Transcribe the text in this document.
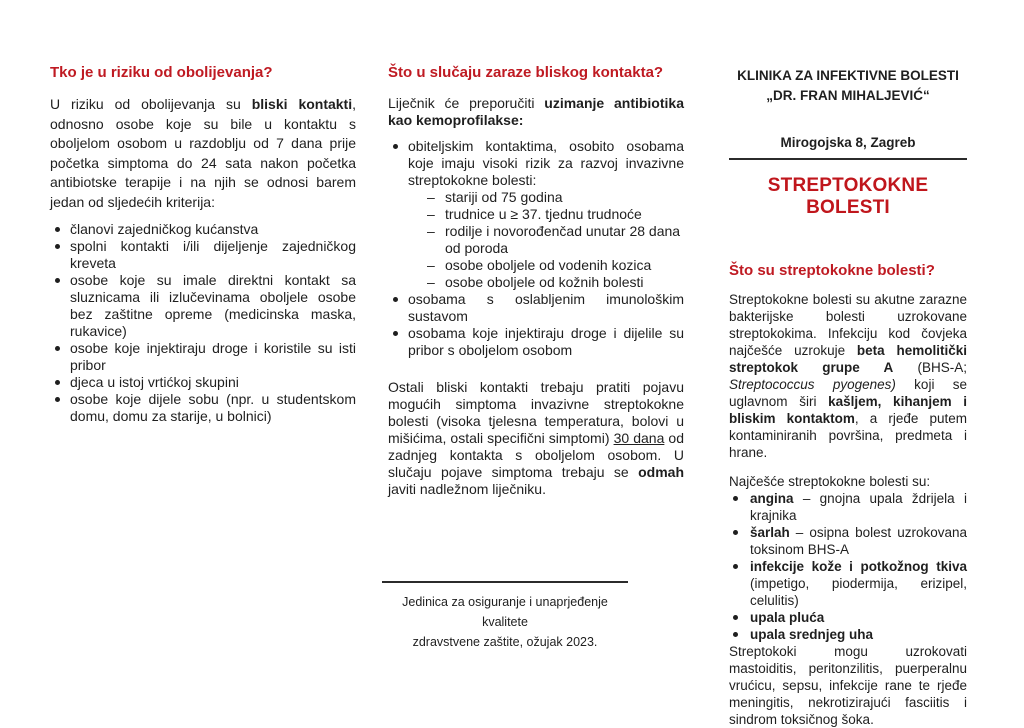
Tko je u riziku od obolijevanja?

U riziku od obolijevanja su bliski kontakti, odnosno osobe koje su bile u kontaktu s oboljelom osobom u razdoblju od 7 dana prije početka simptoma do 24 sata nakon početka antibiotske terapije i na njih se odnosi barem jedan od sljedećih kriterija:

članovi zajedničkog kućanstva
spolni kontakti i/ili dijeljenje zajedničkog kreveta
osobe koje su imale direktni kontakt sa sluznicama ili izlučevinama oboljele osobe bez zaštitne opreme (medicinska maska, rukavice)
osobe koje injektiraju droge i koristile su isti pribor
djeca u istoj vrtićkoj skupini
osobe koje dijele sobu (npr. u studentskom domu, domu za starije, u bolnici)
Što u slučaju zaraze bliskog kontakta?

Liječnik će preporučiti uzimanje antibiotika kao kemoprofilakse:

obiteljskim kontaktima, osobito osobama koje imaju visoki rizik za razvoj invazivne streptokokne bolesti:
– stariji od 75 godina
– trudnice u ≥ 37. tjednu trudnoće
– rodilje i novorođenčad unutar 28 dana od poroda
– osobe oboljele od vodenih kozica
– osobe oboljele od kožnih bolesti
osobama s oslabljenim imunološkim sustavom
osobama koje injektiraju droge i dijelile su pribor s oboljelom osobom

Ostali bliski kontakti trebaju pratiti pojavu mogućih simptoma invazivne streptokokne bolesti (visoka tjelesna temperatura, bolovi u mišićima, ostali specifični simptomi) 30 dana od zadnjeg kontakta s oboljelom osobom. U slučaju pojave simptoma trebaju se odmah javiti nadležnom liječniku.

Jedinica za osiguranje i unaprjeđenje kvalitete

zdravstvene zaštite, ožujak 2023.

KLINIKA ZA INFEKTIVNE BOLESTI

„DR. FRAN MIHALJEVIĆ“

Mirogojska 8, Zagreb

STREPTOKOKNE BOLESTI
Što su streptokokne bolesti?

Streptokokne bolesti su akutne zarazne bakterijske bolesti uzrokovane streptokokima. Infekciju kod čovjeka najčešće uzrokuje beta hemolitički streptokok grupe A (BHS-A; Streptococcus pyogenes) koji se uglavnom širi kašljem, kihanjem i bliskim kontaktom, a rjeđe putem kontaminiranih površina, predmeta i hrane.

Najčešće streptokokne bolesti su:

angina – gnojna upala ždrijela i krajnika
šarlah – osipna bolest uzrokovana toksinom BHS-A
infekcije kože i potkožnog tkiva (impetigo, piodermija, erizipel, celulitis)
upala pluća
upala srednjeg uha

Streptokoki mogu uzrokovati mastoiditis, peritonzilitis, puerperalnu vrućicu, sepsu, infekcije rane te rjeđe meningitis, nekrotizirajući fasciitis i sindrom toksičnog šoka.
